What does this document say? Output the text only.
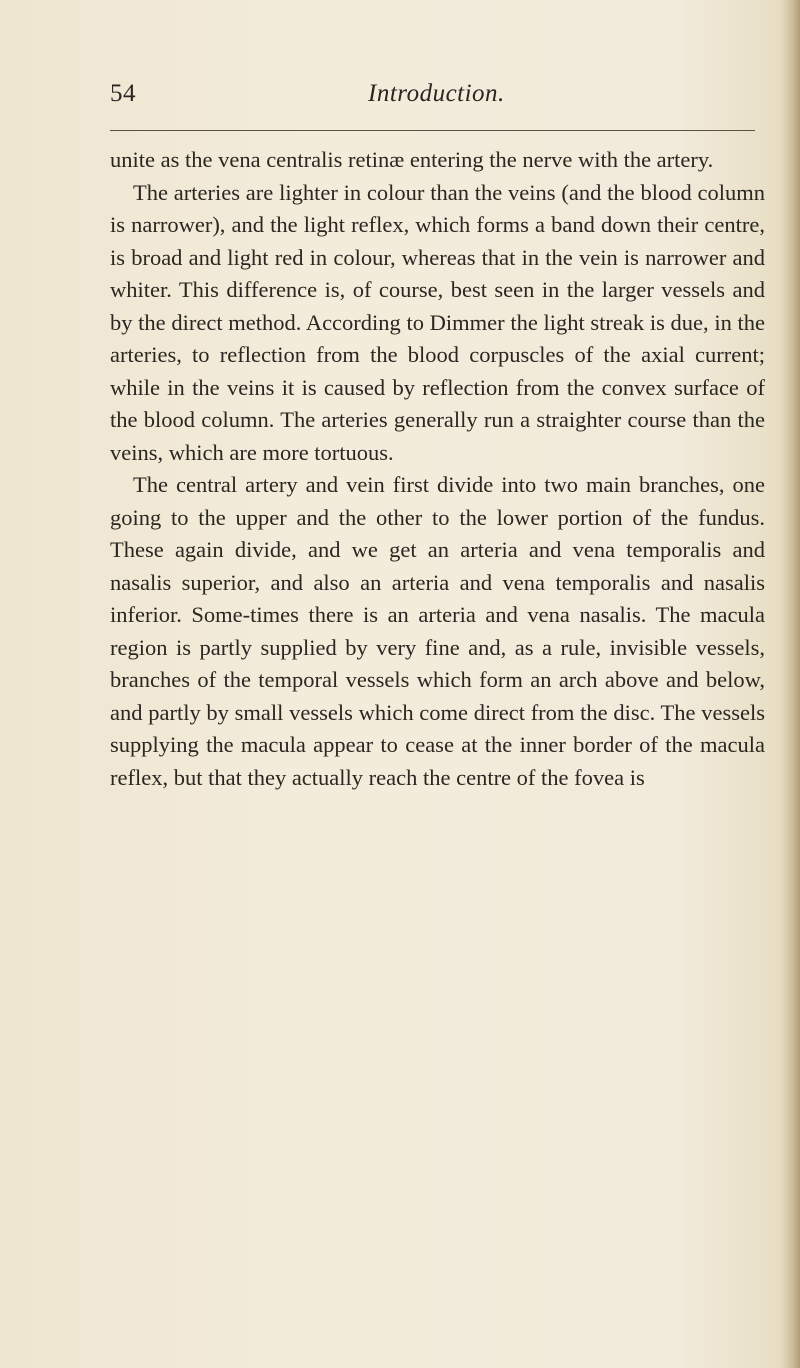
54	Introduction.

unite as the vena centralis retinæ entering the nerve with the artery.

The arteries are lighter in colour than the veins (and the blood column is narrower), and the light reflex, which forms a band down their centre, is broad and light red in colour, whereas that in the vein is narrower and whiter. This difference is, of course, best seen in the larger vessels and by the direct method. According to Dimmer the light streak is due, in the arteries, to reflection from the blood corpuscles of the axial current; while in the veins it is caused by reflection from the convex surface of the blood column. The arteries generally run a straighter course than the veins, which are more tortuous.

The central artery and vein first divide into two main branches, one going to the upper and the other to the lower portion of the fundus. These again divide, and we get an arteria and vena temporalis and nasalis superior, and also an arteria and vena temporalis and nasalis inferior. Some-times there is an arteria and vena nasalis. The macula region is partly supplied by very fine and, as a rule, invisible vessels, branches of the temporal vessels which form an arch above and below, and partly by small vessels which come direct from the disc. The vessels supplying the macula appear to cease at the inner border of the macula reflex, but that they actually reach the centre of the fovea is
